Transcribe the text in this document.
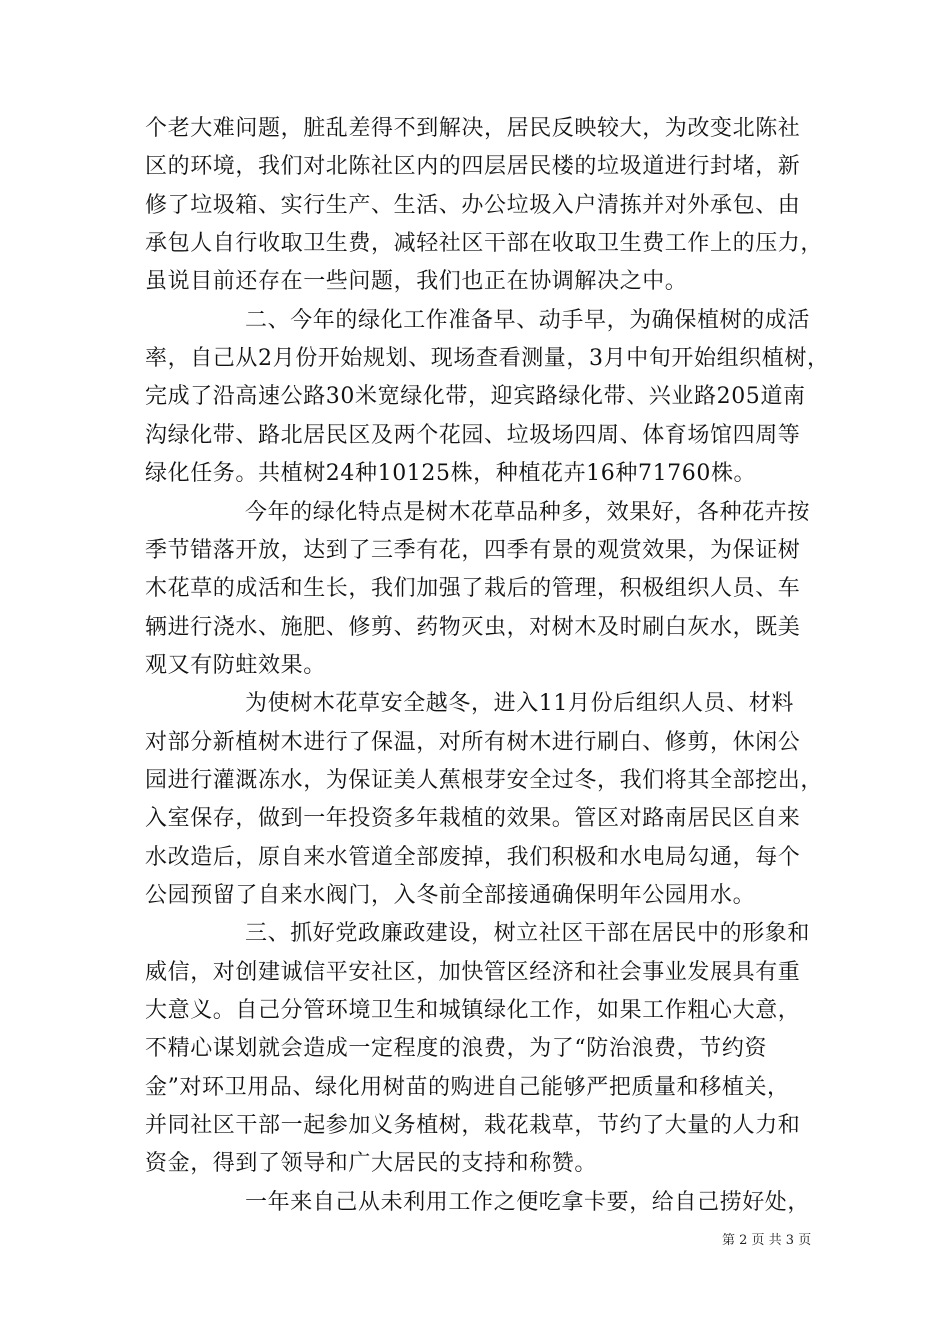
个老大难问题，脏乱差得不到解决，居民反映较大，为改变北陈社
区的环境，我们对北陈社区内的四层居民楼的垃圾道进行封堵，新
修了垃圾箱、实行生产、生活、办公垃圾入户清拣并对外承包、由
承包人自行收取卫生费，减轻社区干部在收取卫生费工作上的压力，
虽说目前还存在一些问题，我们也正在协调解决之中。
二、今年的绿化工作准备早、动手早，为确保植树的成活
率，自己从2月份开始规划、现场查看测量，3月中旬开始组织植树，
完成了沿高速公路30米宽绿化带，迎宾路绿化带、兴业路205道南
沟绿化带、路北居民区及两个花园、垃圾场四周、体育场馆四周等
绿化任务。共植树24种10125株，种植花卉16种71760株。
今年的绿化特点是树木花草品种多，效果好，各种花卉按
季节错落开放，达到了三季有花，四季有景的观赏效果，为保证树
木花草的成活和生长，我们加强了栽后的管理，积极组织人员、车
辆进行浇水、施肥、修剪、药物灭虫，对树木及时刷白灰水，既美
观又有防蛀效果。
为使树木花草安全越冬，进入11月份后组织人员、材料
对部分新植树木进行了保温，对所有树木进行刷白、修剪，休闲公
园进行灌溉冻水，为保证美人蕉根芽安全过冬，我们将其全部挖出，
入室保存，做到一年投资多年栽植的效果。管区对路南居民区自来
水改造后，原自来水管道全部废掉，我们积极和水电局勾通，每个
公园预留了自来水阀门，入冬前全部接通确保明年公园用水。
三、抓好党政廉政建设，树立社区干部在居民中的形象和
威信，对创建诚信平安社区，加快管区经济和社会事业发展具有重
大意义。自己分管环境卫生和城镇绿化工作，如果工作粗心大意，
不精心谋划就会造成一定程度的浪费，为了“防治浪费，节约资
金”对环卫用品、绿化用树苗的购进自己能够严把质量和移植关，
并同社区干部一起参加义务植树，栽花栽草，节约了大量的人力和
资金，得到了领导和广大居民的支持和称赞。
一年来自己从未利用工作之便吃拿卡要，给自己捞好处，
第 2 页 共 3 页
